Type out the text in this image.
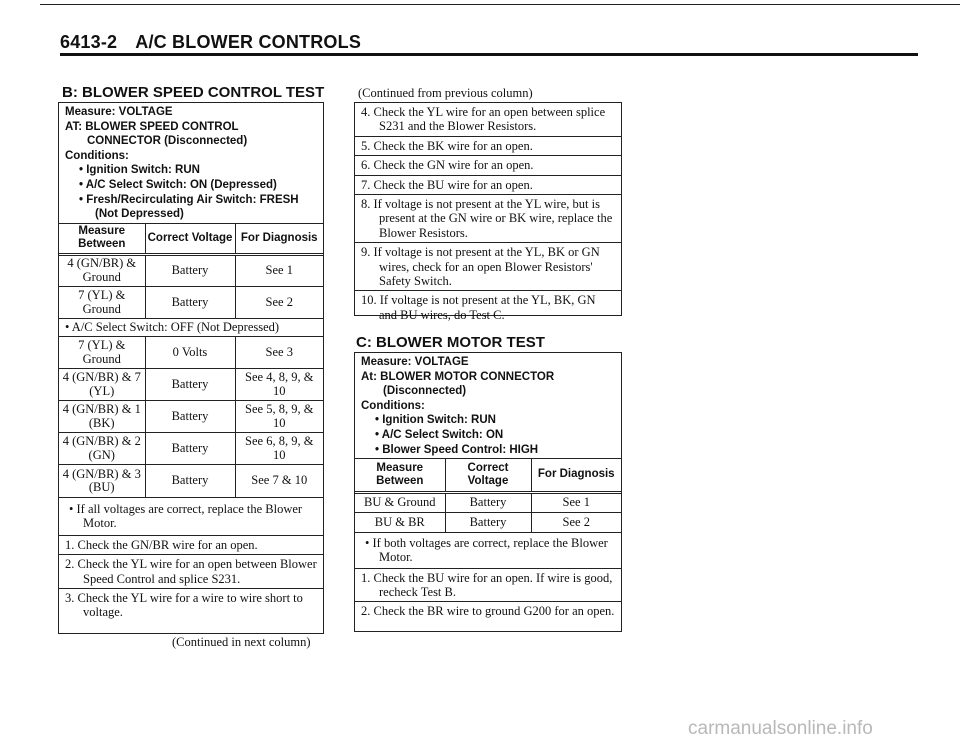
6413-2 A/C BLOWER CONTROLS
B: BLOWER SPEED CONTROL TEST
Measure: VOLTAGE
AT: BLOWER SPEED CONTROL
CONNECTOR (Disconnected)
Conditions:
• Ignition Switch: RUN
• A/C Select Switch: ON (Depressed)
• Fresh/Recirculating Air Switch: FRESH
(Not Depressed)
Measure Between	Correct Voltage	For Diagnosis
4 (GN/BR) & Ground	Battery	See 1
7 (YL) & Ground	Battery	See 2
• A/C Select Switch: OFF (Not Depressed)
7 (YL) & Ground	0 Volts	See 3
4 (GN/BR) & 7 (YL)	Battery	See 4, 8, 9, & 10
4 (GN/BR) & 1 (BK)	Battery	See 5, 8, 9, & 10
4 (GN/BR) & 2 (GN)	Battery	See 6, 8, 9, & 10
4 (GN/BR) & 3 (BU)	Battery	See 7 & 10
• If all voltages are correct, replace the Blower Motor.
1. Check the GN/BR wire for an open.
2. Check the YL wire for an open between Blower Speed Control and splice S231.
3. Check the YL wire for a wire to wire short to voltage.
(Continued in next column)
(Continued from previous column)
4. Check the YL wire for an open between splice S231 and the Blower Resistors.
5. Check the BK wire for an open.
6. Check the GN wire for an open.
7. Check the BU wire for an open.
8. If voltage is not present at the YL wire, but is present at the GN wire or BK wire, replace the Blower Resistors.
9. If voltage is not present at the YL, BK or GN wires, check for an open Blower Resistors' Safety Switch.
10. If voltage is not present at the YL, BK, GN and BU wires, do Test C.
C: BLOWER MOTOR TEST
Measure: VOLTAGE
At: BLOWER MOTOR CONNECTOR
(Disconnected)
Conditions:
• Ignition Switch: RUN
• A/C Select Switch: ON
• Blower Speed Control: HIGH
Measure Between	Correct Voltage	For Diagnosis
BU & Ground	Battery	See 1
BU & BR	Battery	See 2
• If both voltages are correct, replace the Blower Motor.
1. Check the BU wire for an open. If wire is good, recheck Test B.
2. Check the BR wire to ground G200 for an open.
carmanualsonline.info
